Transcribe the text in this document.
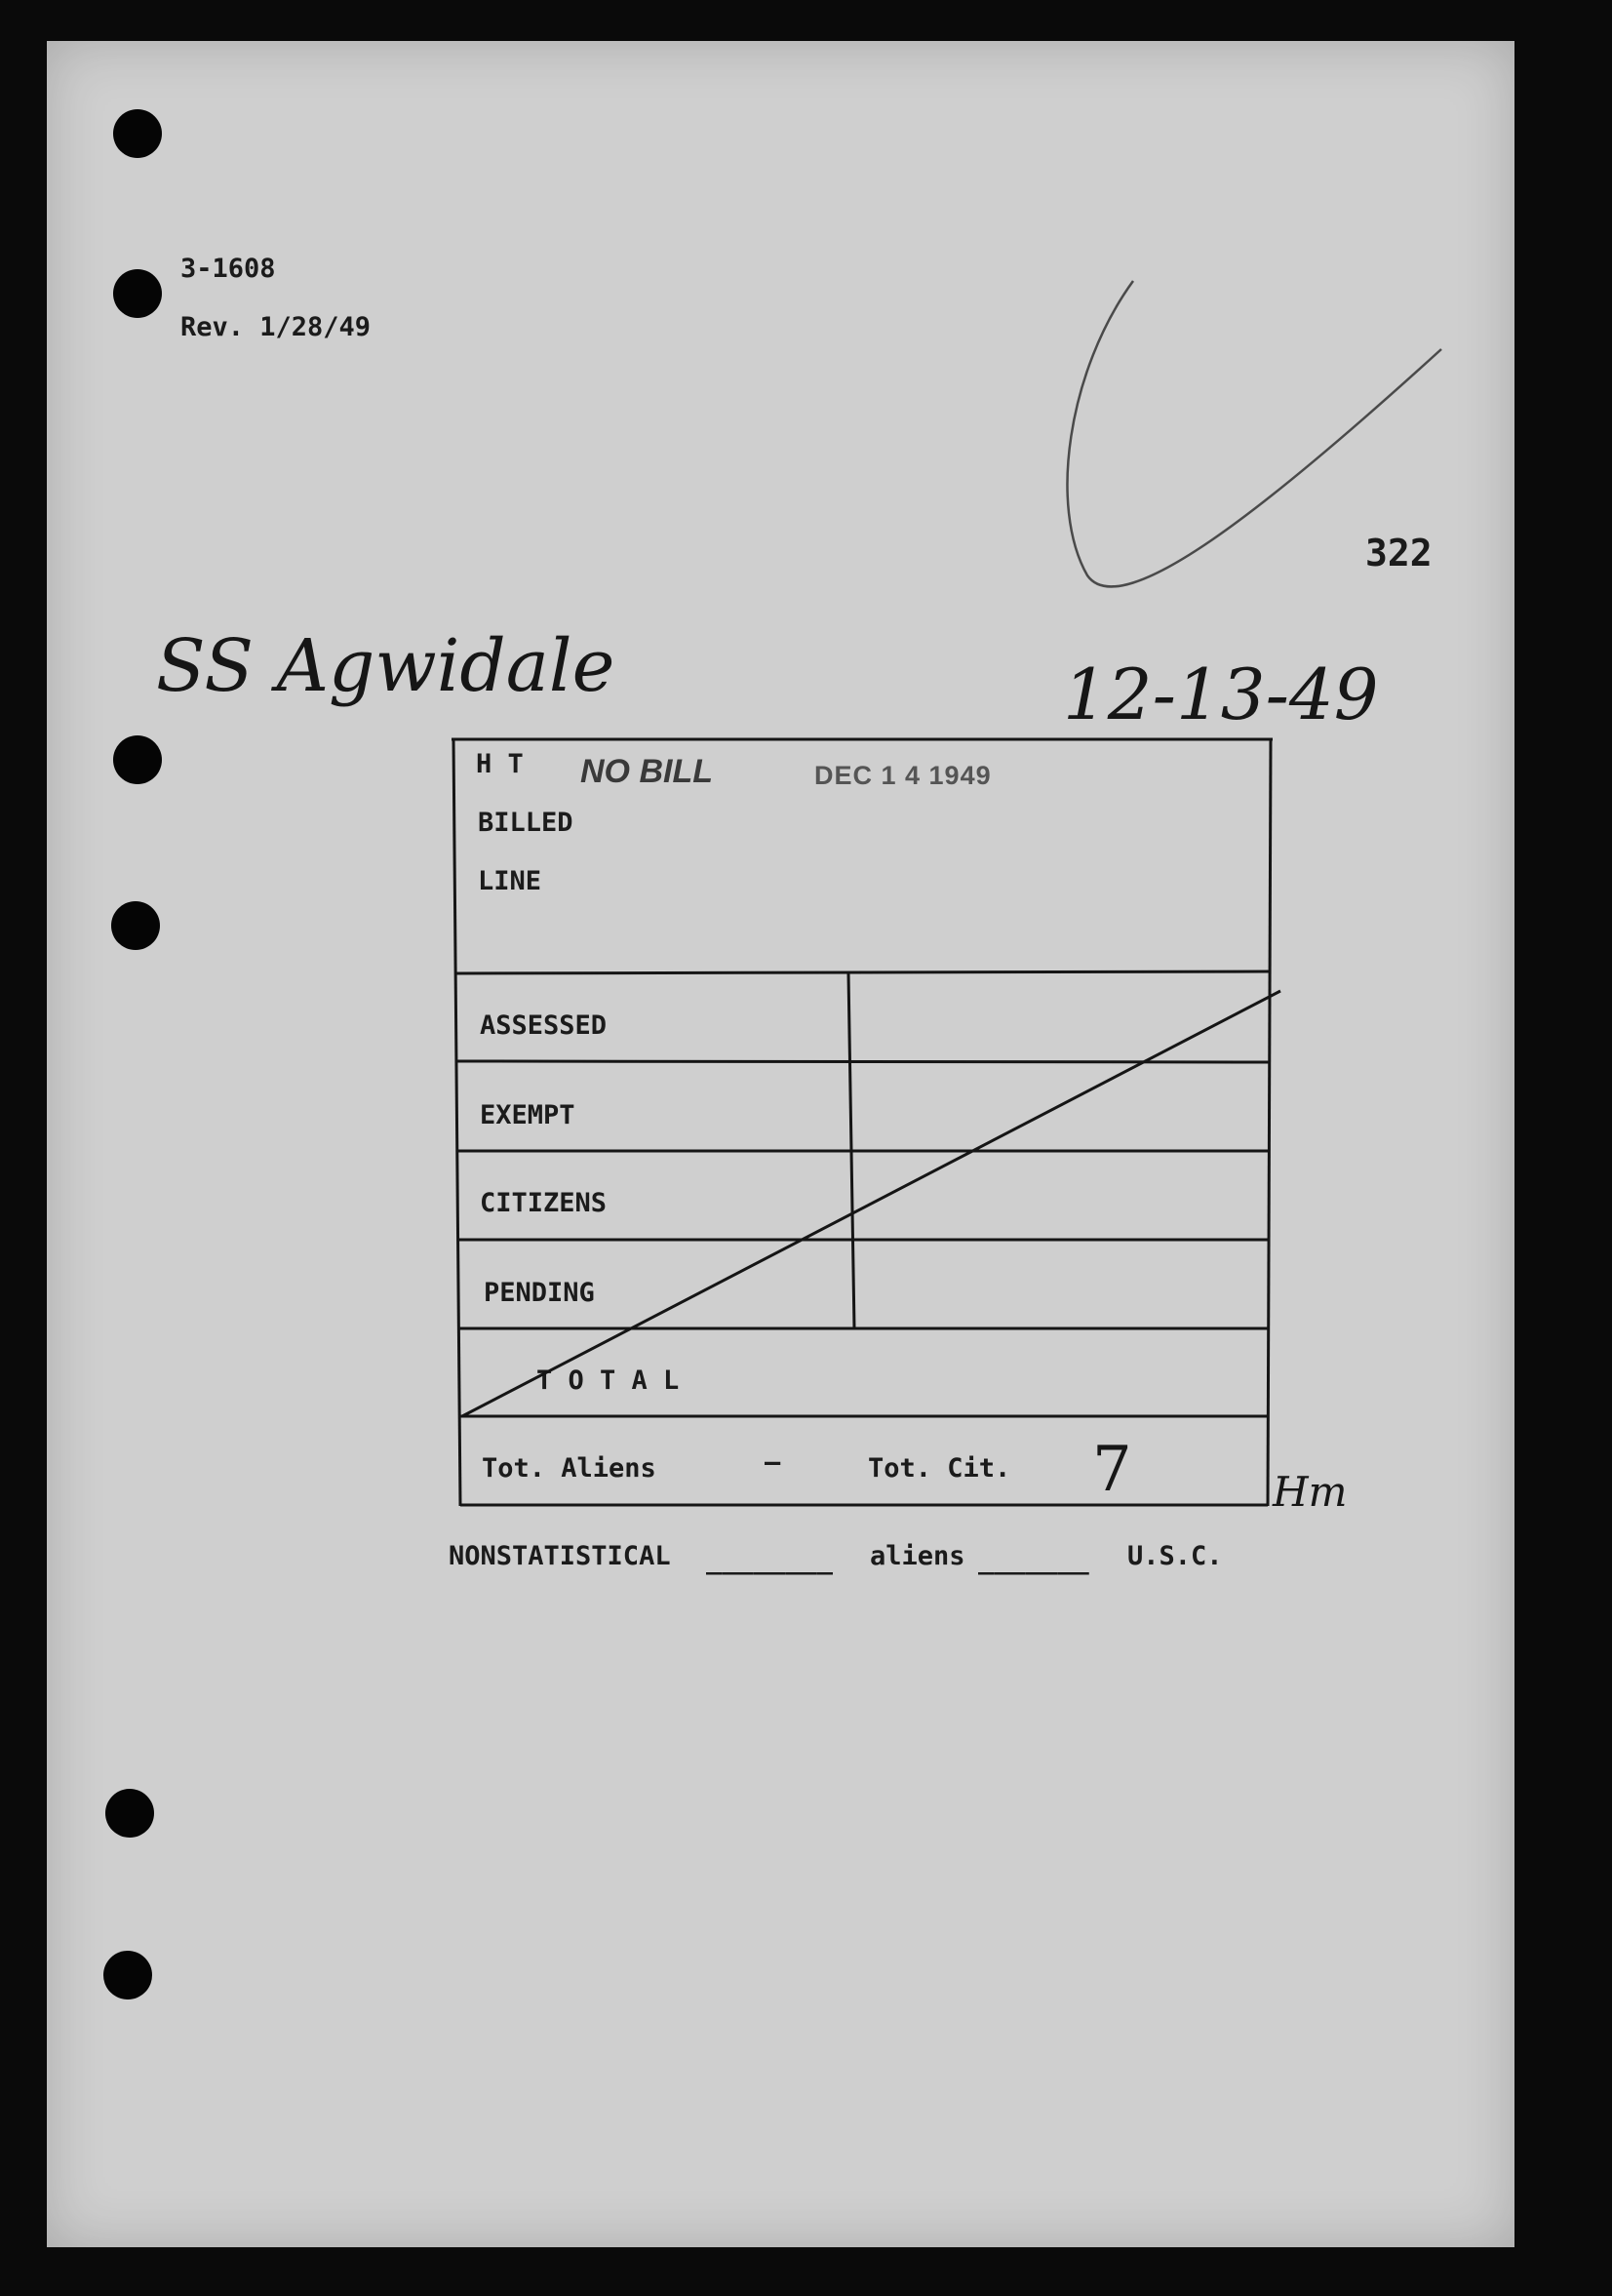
3-1608
Rev. 1/28/49
322
SS Agwidale	12-13-49
H T NO BILL	DEC 1 4 1949
BILLED
LINE
ASSESSED
EXEMPT
CITIZENS
PENDING
T O T A L
Tot. Aliens	—	Tot. Cit. 7	Hm
NONSTATISTICAL ________ aliens _______ U.S.C.
